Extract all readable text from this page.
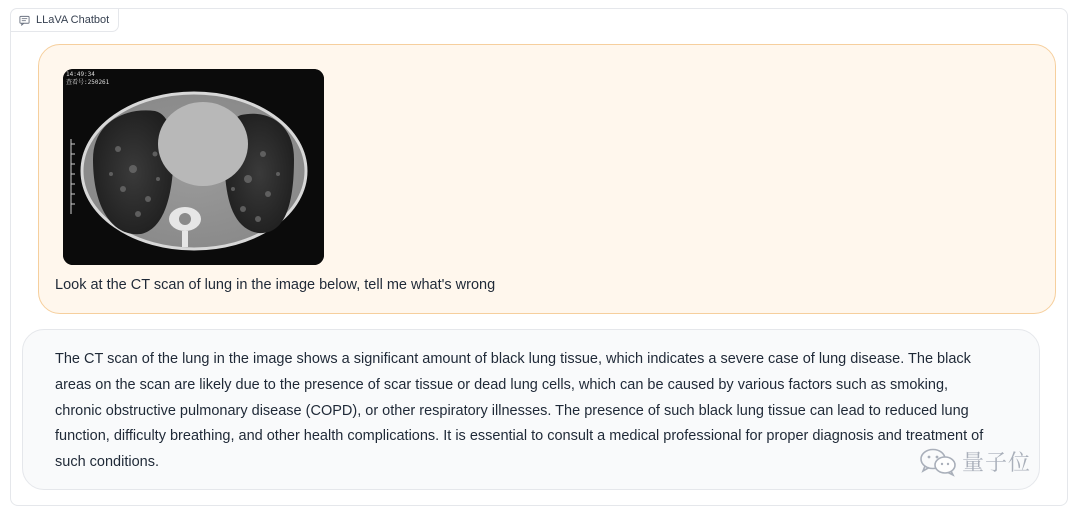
LLaVA Chatbot
14:49:34
查看号:250261
Look at the CT scan of lung in the image below, tell me what's wrong
The CT scan of the lung in the image shows a significant amount of black lung tissue, which indicates a severe case of lung disease. The black areas on the scan are likely due to the presence of scar tissue or dead lung cells, which can be caused by various factors such as smoking, chronic obstructive pulmonary disease (COPD), or other respiratory illnesses. The presence of such black lung tissue can lead to reduced lung function, difficulty breathing, and other health complications. It is essential to consult a medical professional for proper diagnosis and treatment of such conditions.	量子位
